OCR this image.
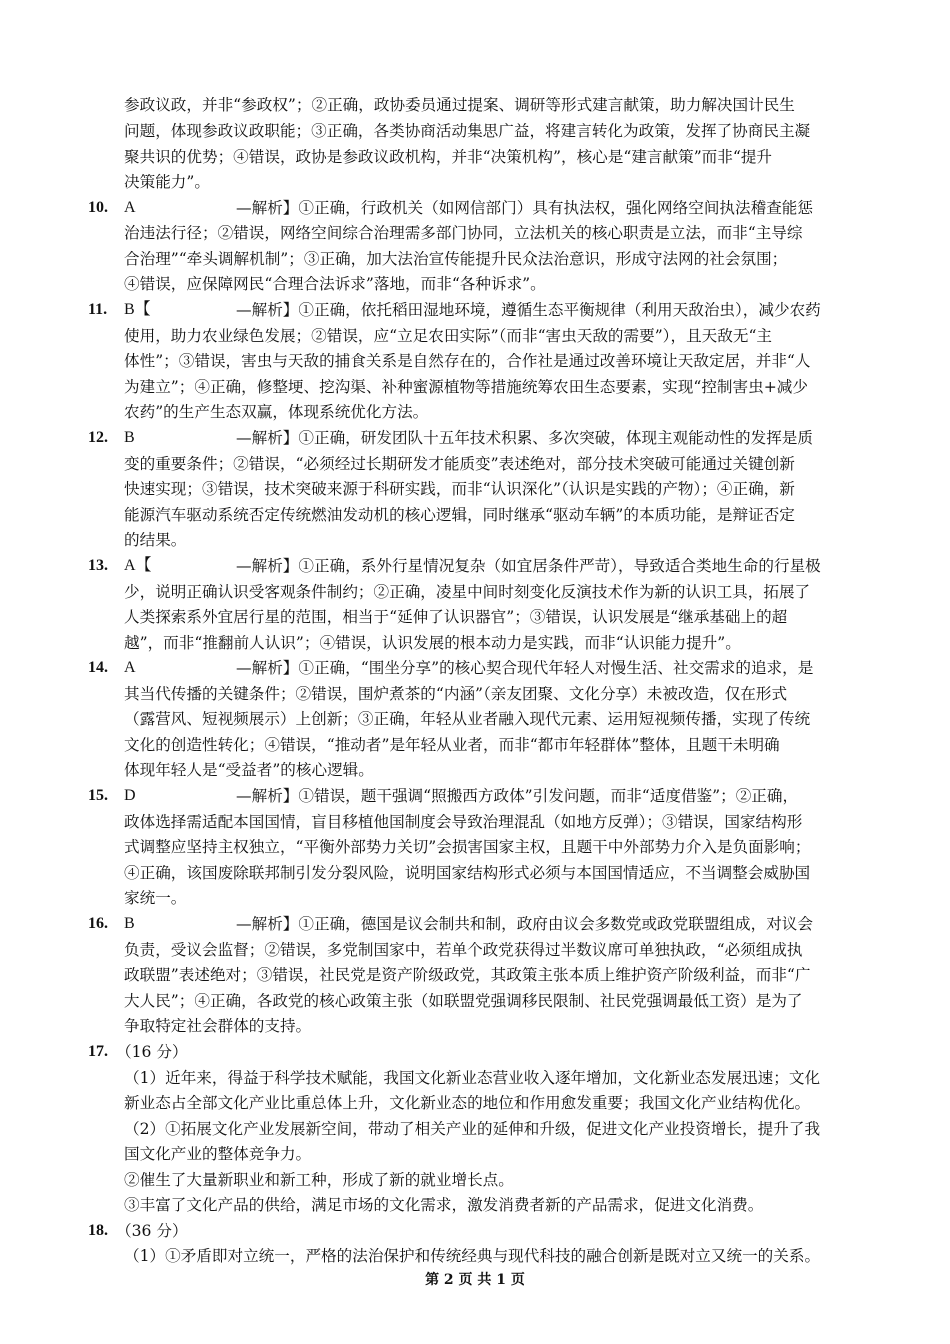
参政议政，并非“参政权”；②正确，政协委员通过提案、调研等形式建言献策，助力解决国计民生
问题，体现参政议政职能；③正确，各类协商活动集思广益，将建言转化为政策，发挥了协商民主凝
聚共识的优势；④错误，政协是参政议政机构，并非“决策机构”，核心是“建言献策”而非“提升
决策能力”。
10. A	—解析】①正确，行政机关（如网信部门）具有执法权，强化网络空间执法稽查能惩
治违法行径；②错误，网络空间综合治理需多部门协同，立法机关的核心职责是立法，而非“主导综
合治理”“牵头调解机制”；③正确，加大法治宣传能提升民众法治意识，形成守法网的社会氛围；
④错误，应保障网民“合理合法诉求”落地，而非“各种诉求”。
11. B【	—解析】①正确，依托稻田湿地环境，遵循生态平衡规律（利用天敌治虫），减少农药
使用，助力农业绿色发展；②错误，应“立足农田实际”（而非“害虫天敌的需要”），且天敌无“主
体性”；③错误，害虫与天敌的捕食关系是自然存在的，合作社是通过改善环境让天敌定居，并非“人
为建立”；④正确，修整埂、挖沟渠、补种蜜源植物等措施统筹农田生态要素，实现“控制害虫+减少
农药”的生产生态双赢，体现系统优化方法。
12. B	—解析】①正确，研发团队十五年技术积累、多次突破，体现主观能动性的发挥是质
变的重要条件；②错误，“必须经过长期研发才能质变”表述绝对，部分技术突破可能通过关键创新
快速实现；③错误，技术突破来源于科研实践，而非“认识深化”（认识是实践的产物）；④正确，新
能源汽车驱动系统否定传统燃油发动机的核心逻辑，同时继承“驱动车辆”的本质功能，是辩证否定
的结果。
13. A【	—解析】①正确，系外行星情况复杂（如宜居条件严苛），导致适合类地生命的行星极
少，说明正确认识受客观条件制约；②正确，凌星中间时刻变化反演技术作为新的认识工具，拓展了
人类探索系外宜居行星的范围，相当于“延伸了认识器官”；③错误，认识发展是“继承基础上的超
越”，而非“推翻前人认识”；④错误，认识发展的根本动力是实践，而非“认识能力提升”。
14. A	—解析】①正确，“围坐分享”的核心契合现代年轻人对慢生活、社交需求的追求，是
其当代传播的关键条件；②错误，围炉煮茶的“内涵”（亲友团聚、文化分享）未被改造，仅在形式
（露营风、短视频展示）上创新；③正确，年轻从业者融入现代元素、运用短视频传播，实现了传统
文化的创造性转化；④错误，“推动者”是年轻从业者，而非“都市年轻群体”整体，且题干未明确
体现年轻人是“受益者”的核心逻辑。
15. D	—解析】①错误，题干强调“照搬西方政体”引发问题，而非“适度借鉴”；②正确，
政体选择需适配本国国情，盲目移植他国制度会导致治理混乱（如地方反弹）；③错误，国家结构形
式调整应坚持主权独立，“平衡外部势力关切”会损害国家主权，且题干中外部势力介入是负面影响；
④正确，该国废除联邦制引发分裂风险，说明国家结构形式必须与本国国情适应，不当调整会威胁国
家统一。
16. B	—解析】①正确，德国是议会制共和制，政府由议会多数党或政党联盟组成，对议会
负责，受议会监督；②错误，多党制国家中，若单个政党获得过半数议席可单独执政，“必须组成执
政联盟”表述绝对；③错误，社民党是资产阶级政党，其政策主张本质上维护资产阶级利益，而非“广
大人民”；④正确，各政党的核心政策主张（如联盟党强调移民限制、社民党强调最低工资）是为了
争取特定社会群体的支持。
17. （16 分）
（1）近年来，得益于科学技术赋能，我国文化新业态营业收入逐年增加，文化新业态发展迅速；文化
新业态占全部文化产业比重总体上升，文化新业态的地位和作用愈发重要；我国文化产业结构优化。
（2）①拓展文化产业发展新空间，带动了相关产业的延伸和升级，促进文化产业投资增长，提升了我
国文化产业的整体竞争力。
②催生了大量新职业和新工种，形成了新的就业增长点。
③丰富了文化产品的供给，满足市场的文化需求，激发消费者新的产品需求，促进文化消费。
18. （36 分）
（1）①矛盾即对立统一，严格的法治保护和传统经典与现代科技的融合创新是既对立又统一的关系。
第 2 页 共 1 页
